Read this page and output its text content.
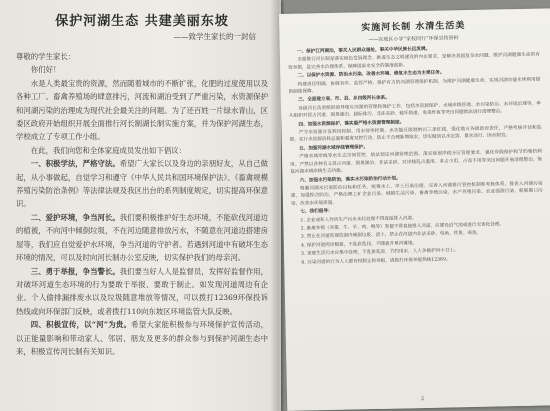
保护河湖生态 共建美丽东坡
——致学生家长的一封信

尊敬的学生家长：

你们好！

水是人类最宝贵的资源，然而随着城市的不断扩张，化肥的过度使用以及各种工厂、畜禽养殖场的肆意排污，河流和湖泊受到了严重污染，水资源保护和河湖污染的治理成为现代社会最关注的问题。为了还百姓一片绿水青山，区委区政府开始组织开展全面推行河长制湖长制实施方案，并为保护河湖生态，学校成立了专项工作小组。

在此，我们向您和全体家庭成员发出如下倡议：

一、积极学法，严格守法。希望广大家长以及身边的亲朋好友，从自己做起，从小事做起，自觉学习和遵守《中华人民共和国环境保护法》、《畜禽规模养殖污染防治条例》等法律法规及我区出台的系列制度规定，切实提高环保意识。

二、爱护环境，争当河长。我们要积极推护好生态环境，不能砍伐河道边的植被，不向河中倾倒垃圾，不在河边随意排放污水，不随意在河道边搭建房屋等，我们应自觉爱护水环境，争当河道的守护者。若遇到河道中有破坏生态环境的情况，可以及时向河长制办公室反映，切实保护我们的母亲河。

三、勇于举报，争当警长。我们要当好人人是监督员，发挥好监督作用，对破坏河道生态环境的行为要敢于举报、要敢于制止。如发现河道周边有企业、个人偷排漏排废水以及垃圾随意堆放等情况，可以拨打12369环保投诉热线或向环保部门反映，或者拨打110向东坡区环境监管大队反映。

四、积极宣传，以“河”为贵。希望大家能积极参与环境保护宣传活动，以正能量影响和带动家人、邻居、朋友及更多的群众参与到保护河湖生态中来，积极宣传河长制有关知识。

实施河长制 水清生活美
——东坡区小学“家校同行”环保宣传资料

一、保护江河湖泊，事关人民群众福祉，事关中华民族长远发展。

全面推行河长制是落实绿色发展理念、推进生态文明建设的内在要求，是解决我国复杂水问题、维护河湖健康生命的有效举措，是完善水治理体系、保障国家水安全的制度创新。

二、以保护水资源、防治水污染、改善水环境、修复水生态为主要任务。

构建责任明确、协调有序、监管严格、保护有力的河湖管理保护机制，为维护河湖健康生命、实现河湖功能永续利用提供制度保障。

三、全面建立省、市、县、乡四级河长体系。

各级河长负责组织领导相应河湖的管理和保护工作，包括水资源保护、水域岸线管理、水污染防治、水环境治理等，牵头组织对侵占河道、围垦湖泊、超标排污、非法采砂、破坏航道、电毒炸鱼等突出问题依法进行清理整治。

四、加强水资源保护，落实最严格水资源管理制度。

严守水资源开发利用控制、用水效率控制、水功能区限制纳污三条红线，强化地方各级政府责任，严格考核评估和监督。实行水资源消耗总量和强度双控行动，防止不合理新增取水，切实做到以水定需、量水而行、因水制宜。

五、加强河湖水域岸线管理保护。

严格水域岸线等水生态空间管控，依法划定河湖管理范围。落实规划岸线分区管理要求，强化岸线保护和节约集约利用。严禁以各种名义侵占河道、围垦湖泊、非法采砂，对岸线乱占滥用、多占少用、占而不用等突出问题开展清理整治，恢复河湖水域岸线生态功能。

六、加强水污染防治，落实水污染防治行动计划。

明确河湖水污染防治目标和任务，统筹水上、岸上污染治理，完善入河湖排污管控机制和考核体系。排查入河湖污染源，加强综合防治，严格治理工矿企业污染、城镇生活污染、畜禽养殖污染、水产养殖污染、农业面源污染、船舶港口污染，改善水环境质量。

七、我们倡导：

1. 企业或私人作坊生产污水未经处理不得直接排入河道。

2. 畜禽养殖（养猪、牛、羊、鸡、鸭等）粪便不得直接排入河道，应建设沼气池或进行无害化处理。

3. 禁止在河道管理范围内倾倒垃圾、渣土，禁止在河道内非法采砂、电鱼、炸鱼、毒鱼。

4. 保护河道两岸植被，不乱砍乱伐，不随意开垦河滩地。

5. 家庭生活污水应集中处理，不乱排乱放，节约用水，人人争做护河小卫士。

6. 污染河道的行为人人都有权制止和举报，请拨打环保举报热线12369。

2
